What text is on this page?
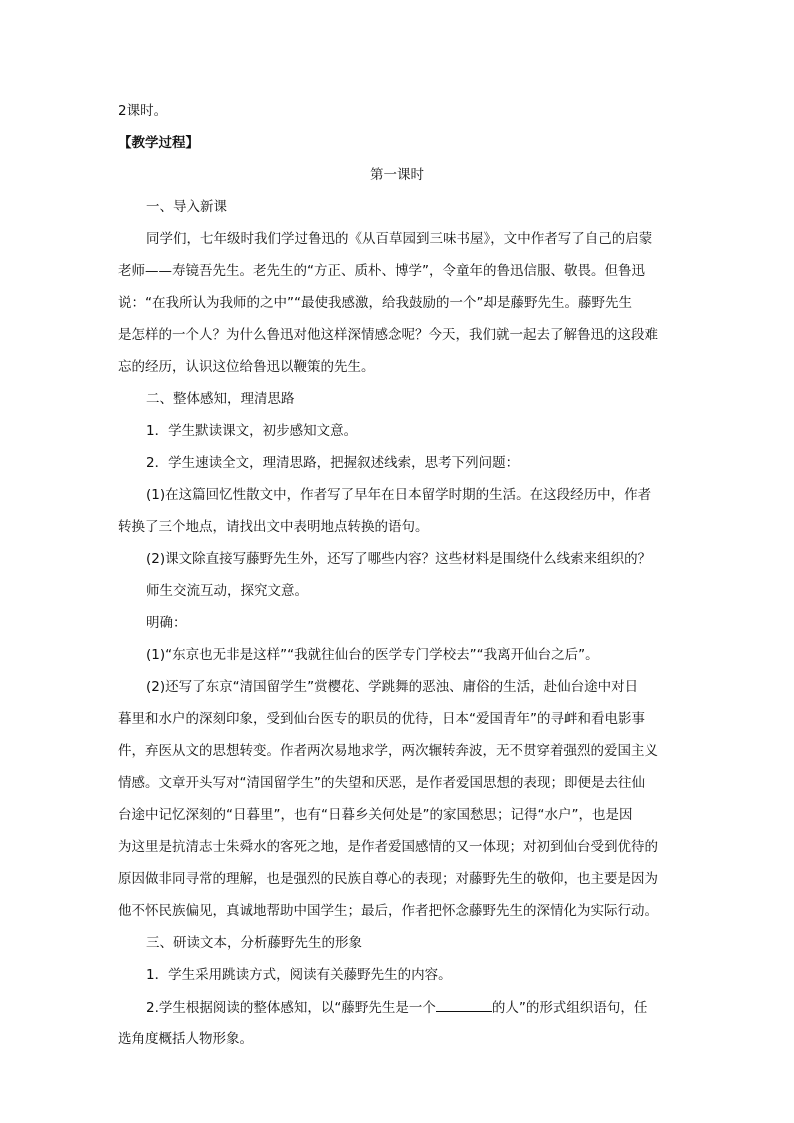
2课时。
【教学过程】
第一课时
一、导入新课
同学们，七年级时我们学过鲁迅的《从百草园到三味书屋》，文中作者写了自己的启蒙
老师——寿镜吾先生。老先生的“方正、质朴、博学”，令童年的鲁迅信服、敬畏。但鲁迅
说：“在我所认为我师的之中”“最使我感激，给我鼓励的一个”却是藤野先生。藤野先生
是怎样的一个人？为什么鲁迅对他这样深情感念呢？今天，我们就一起去了解鲁迅的这段难
忘的经历，认识这位给鲁迅以鞭策的先生。
二、整体感知，理清思路
1．学生默读课文，初步感知文意。
2．学生速读全文，理清思路，把握叙述线索，思考下列问题：
(1)在这篇回忆性散文中，作者写了早年在日本留学时期的生活。在这段经历中，作者
转换了三个地点，请找出文中表明地点转换的语句。
(2)课文除直接写藤野先生外，还写了哪些内容？这些材料是围绕什么线索来组织的？
师生交流互动，探究文意。
明确：
(1)“东京也无非是这样”“我就往仙台的医学专门学校去”“我离开仙台之后”。
(2)还写了东京“清国留学生”赏樱花、学跳舞的恶浊、庸俗的生活，赴仙台途中对日
暮里和水户的深刻印象，受到仙台医专的职员的优待，日本“爱国青年”的寻衅和看电影事
件，弃医从文的思想转变。作者两次易地求学，两次辗转奔波，无不贯穿着强烈的爱国主义
情感。文章开头写对“清国留学生”的失望和厌恶，是作者爱国思想的表现；即便是去往仙
台途中记忆深刻的“日暮里”，也有“日暮乡关何处是”的家国愁思；记得“水户”，也是因
为这里是抗清志士朱舜水的客死之地，是作者爱国感情的又一体现；对初到仙台受到优待的
原因做非同寻常的理解，也是强烈的民族自尊心的表现；对藤野先生的敬仰，也主要是因为
他不怀民族偏见，真诚地帮助中国学生；最后，作者把怀念藤野先生的深情化为实际行动。
三、研读文本，分析藤野先生的形象
1．学生采用跳读方式，阅读有关藤野先生的内容。
2.学生根据阅读的整体感知，以“藤野先生是一个	的人”的形式组织语句，任
选角度概括人物形象。
